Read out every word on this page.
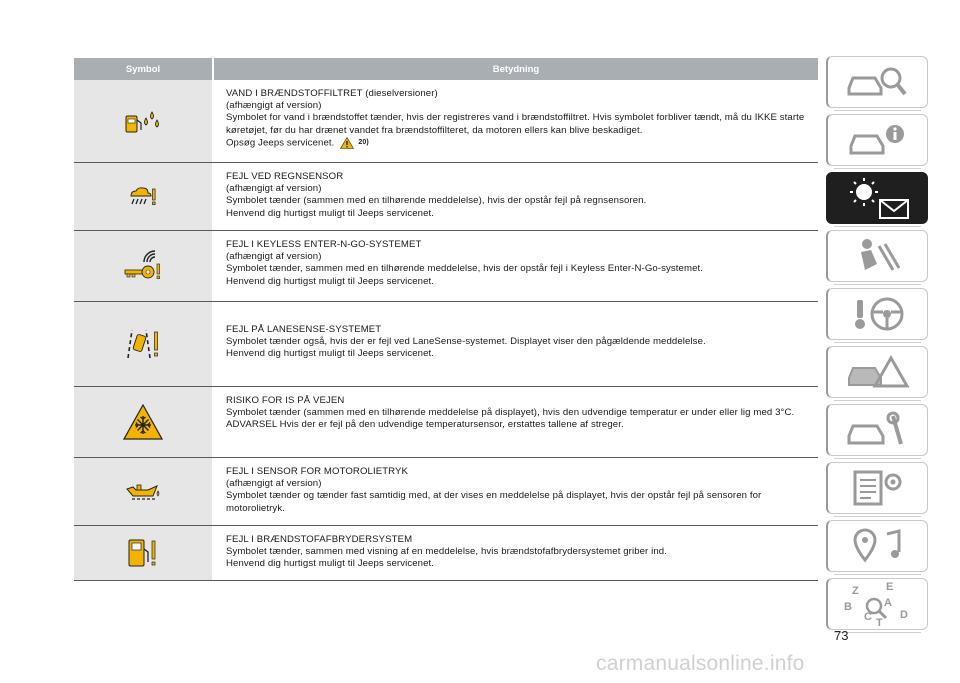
Symbol	Betydning
VAND I BRÆNDSTOFFILTRET (dieselversioner)
(afhængigt af version)
Symbolet for vand i brændstoffet tænder, hvis der registreres vand i brændstoffiltret. Hvis symbolet forbliver tændt, må du IKKE starte køretøjet, før du har drænet vandet fra brændstoffilteret, da motoren ellers kan blive beskadiget.
Opsøg Jeeps servicenet.	20)
FEJL VED REGNSENSOR
(afhængigt af version)
Symbolet tænder (sammen med en tilhørende meddelelse), hvis der opstår fejl på regnsensoren.
Henvend dig hurtigst muligt til Jeeps servicenet.
FEJL I KEYLESS ENTER-N-GO-SYSTEMET
(afhængigt af version)
Symbolet tænder, sammen med en tilhørende meddelelse, hvis der opstår fejl i Keyless Enter-N-Go-systemet.
Henvend dig hurtigst muligt til Jeeps servicenet.
FEJL PÅ LANESENSE-SYSTEMET
Symbolet tænder også, hvis der er fejl ved LaneSense-systemet. Displayet viser den pågældende meddelelse.
Henvend dig hurtigst muligt til Jeeps servicenet.
RISIKO FOR IS PÅ VEJEN
Symbolet tænder (sammen med en tilhørende meddelelse på displayet), hvis den udvendige temperatur er under eller lig med 3°C.
ADVARSEL Hvis der er fejl på den udvendige temperatursensor, erstattes tallene af streger.
FEJL I SENSOR FOR MOTOROLIETRYK
(afhængigt af version)
Symbolet tænder og tænder fast samtidig med, at der vises en meddelelse på displayet, hvis der opstår fejl på sensoren for motorolietryk.
FEJL I BRÆNDSTOFAFBRYDERSYSTEM
Symbolet tænder, sammen med visning af en meddelelse, hvis brændstofafbrydersystemet griber ind.
Henvend dig hurtigst muligt til Jeeps servicenet.
Z E
B	A
C	D
T
73
carmanualsonline.info
